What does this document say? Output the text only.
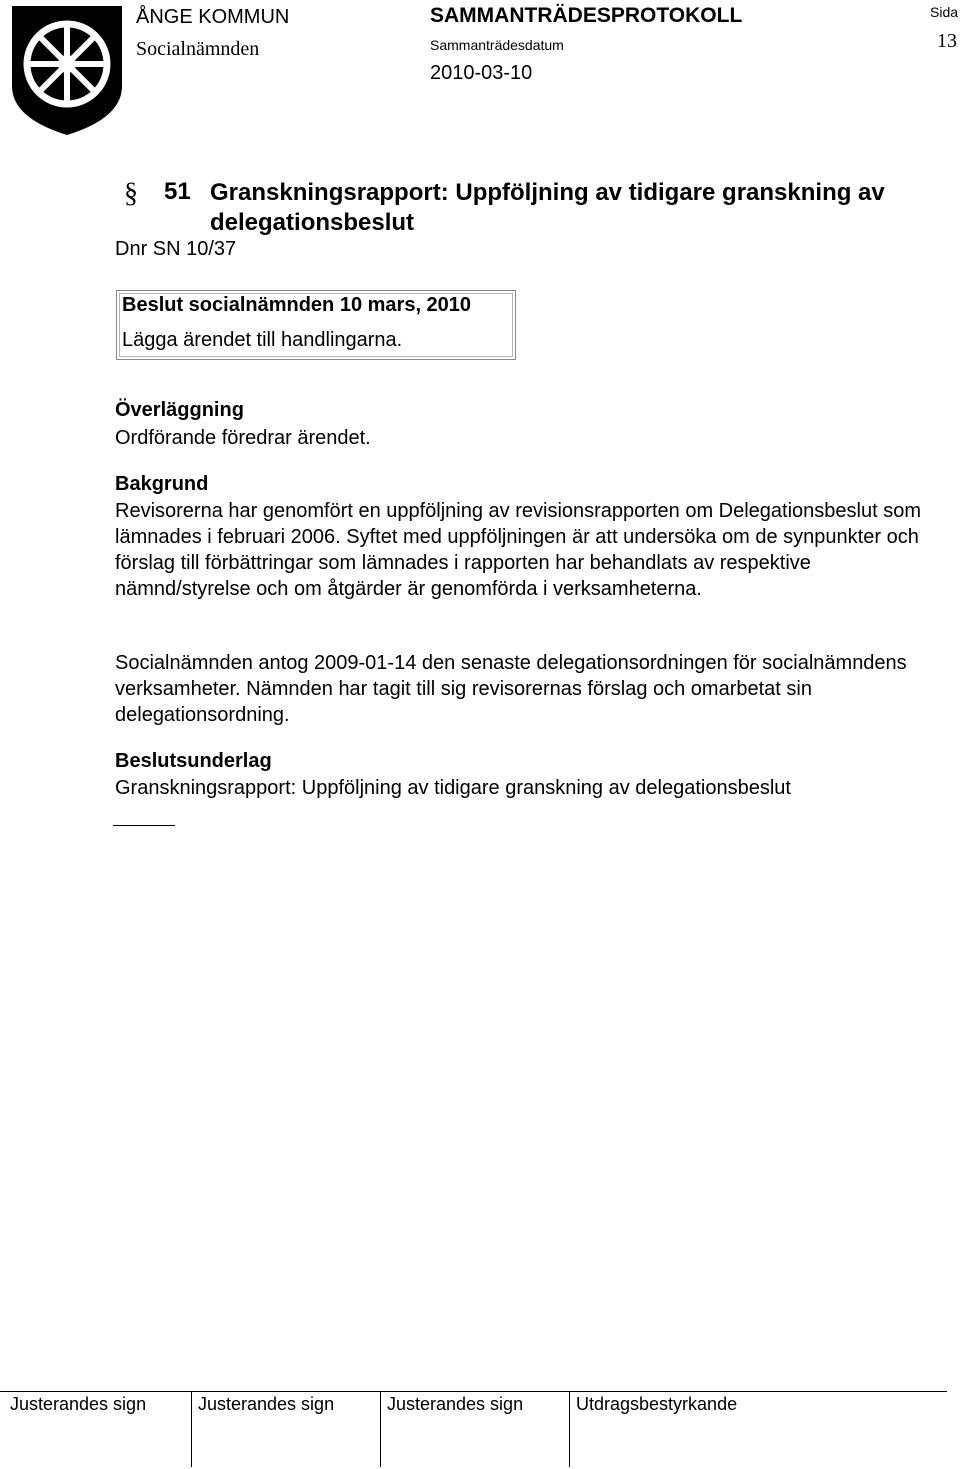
ÅNGE KOMMUN
Socialnämnden
SAMMANTRÄDESPROTOKOLL
Sammanträdesdatum
2010-03-10
Sida
13
§ 51 Granskningsrapport: Uppföljning av tidigare granskning av delegationsbeslut
Dnr SN 10/37
Beslut socialnämnden 10 mars, 2010
Lägga ärendet till handlingarna.
Överläggning
Ordförande föredrar ärendet.
Bakgrund
Revisorerna har genomfört en uppföljning av revisionsrapporten om Delegationsbeslut som lämnades i februari 2006. Syftet med uppföljningen är att undersöka om de synpunkter och förslag till förbättringar som lämnades i rapporten har behandlats av respektive nämnd/styrelse och om åtgärder är genomförda i verksamheterna.
Socialnämnden antog 2009-01-14 den senaste delegationsordningen för socialnämndens verksamheter. Nämnden har tagit till sig revisorernas förslag och omarbetat sin delegationsordning.
Beslutsunderlag
Granskningsrapport: Uppföljning av tidigare granskning av delegationsbeslut
Justerandes sign	Justerandes sign	Justerandes sign	Utdragsbestyrkande
